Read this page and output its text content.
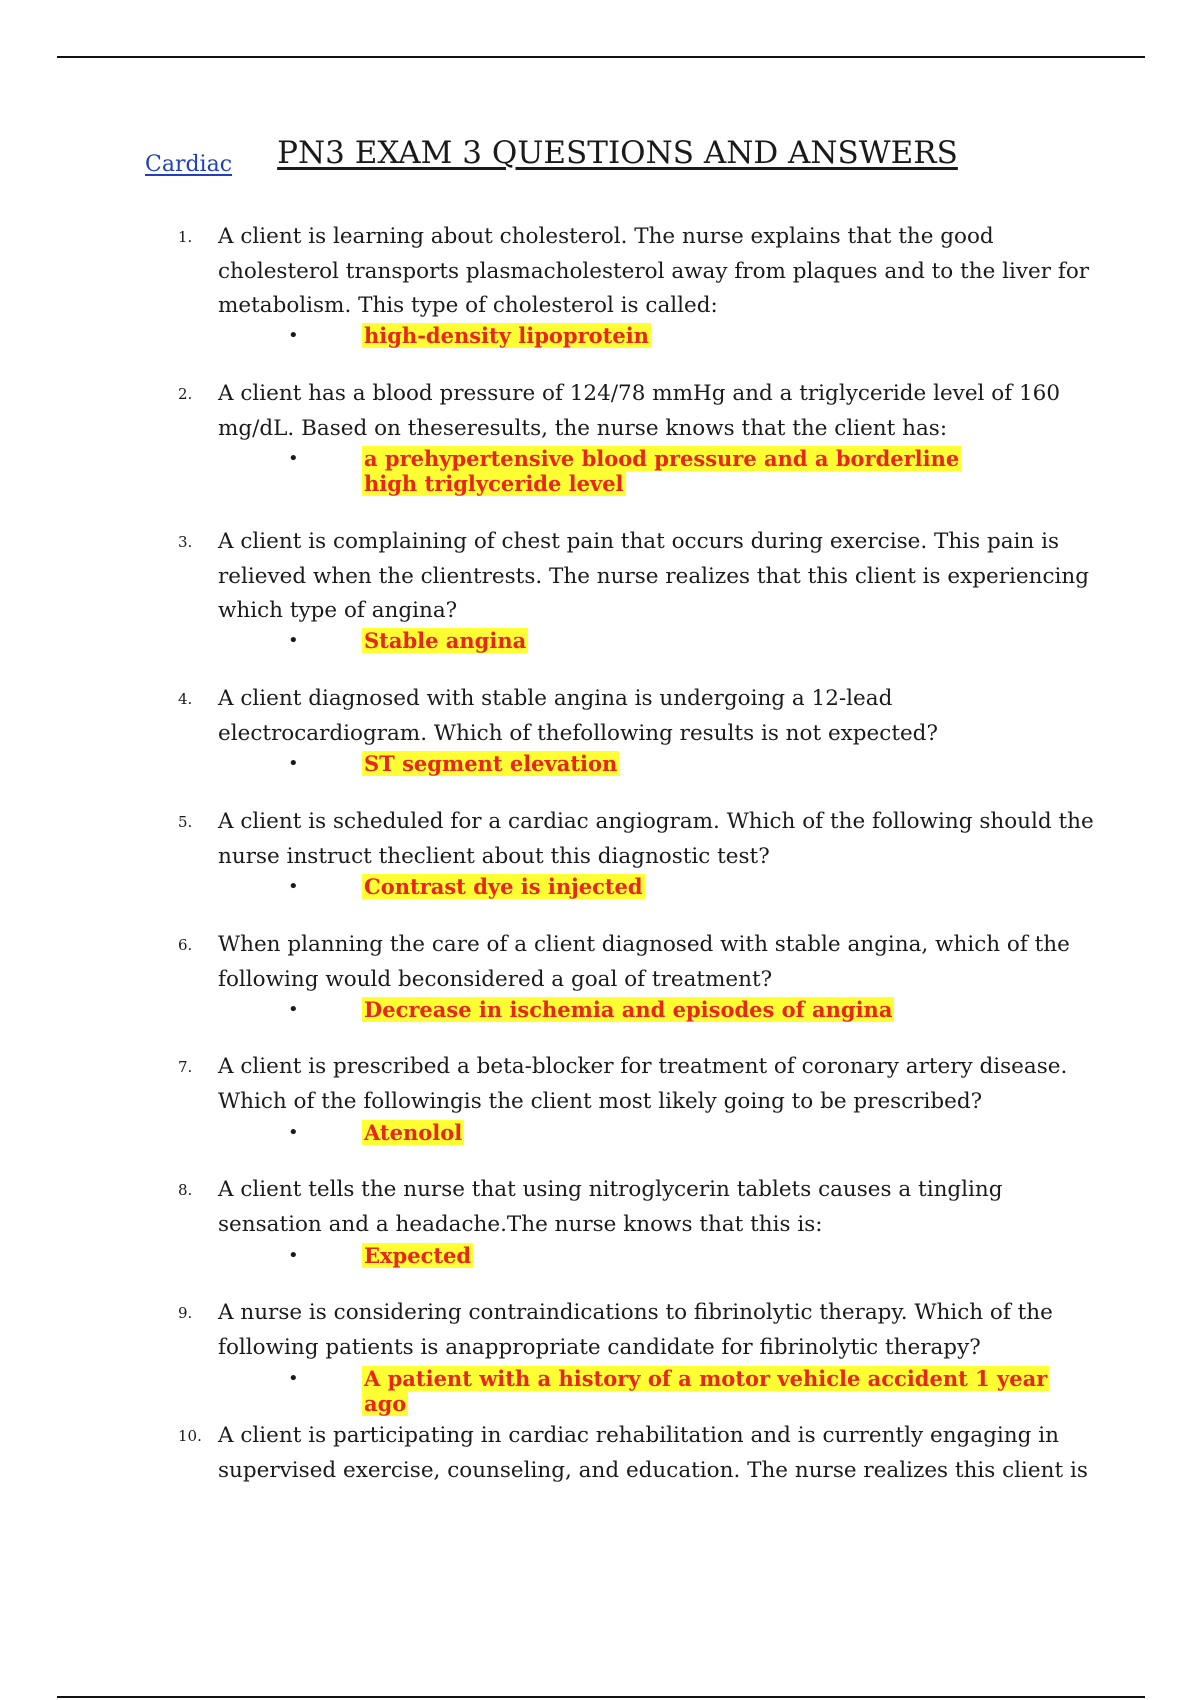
PN3 EXAM 3 QUESTIONS AND ANSWERS
Cardiac
1.	A client is learning about cholesterol. The nurse explains that the good cholesterol transports plasmacholesterol away from plaques and to the liver for metabolism. This type of cholesterol is called:
•	high-density lipoprotein
2.	A client has a blood pressure of 124/78 mmHg and a triglyceride level of 160 mg/dL. Based on theseresults, the nurse knows that the client has:
•	a prehypertensive blood pressure and a borderline high triglyceride level
3.	A client is complaining of chest pain that occurs during exercise. This pain is relieved when the clientrests. The nurse realizes that this client is experiencing which type of angina?
•	Stable angina
4.	A client diagnosed with stable angina is undergoing a 12-lead electrocardiogram. Which of thefollowing results is not expected?
•	ST segment elevation
5.	A client is scheduled for a cardiac angiogram. Which of the following should the nurse instruct theclient about this diagnostic test?
•	Contrast dye is injected
6.	When planning the care of a client diagnosed with stable angina, which of the following would beconsidered a goal of treatment?
•	Decrease in ischemia and episodes of angina
7.	A client is prescribed a beta-blocker for treatment of coronary artery disease. Which of the followingis the client most likely going to be prescribed?
•	Atenolol
8.	A client tells the nurse that using nitroglycerin tablets causes a tingling sensation and a headache.The nurse knows that this is:
•	Expected
9.	A nurse is considering contraindications to fibrinolytic therapy. Which of the following patients is anappropriate candidate for fibrinolytic therapy?
•	A patient with a history of a motor vehicle accident 1 year ago
10. A client is participating in cardiac rehabilitation and is currently engaging in supervised exercise, counseling, and education. The nurse realizes this client is
